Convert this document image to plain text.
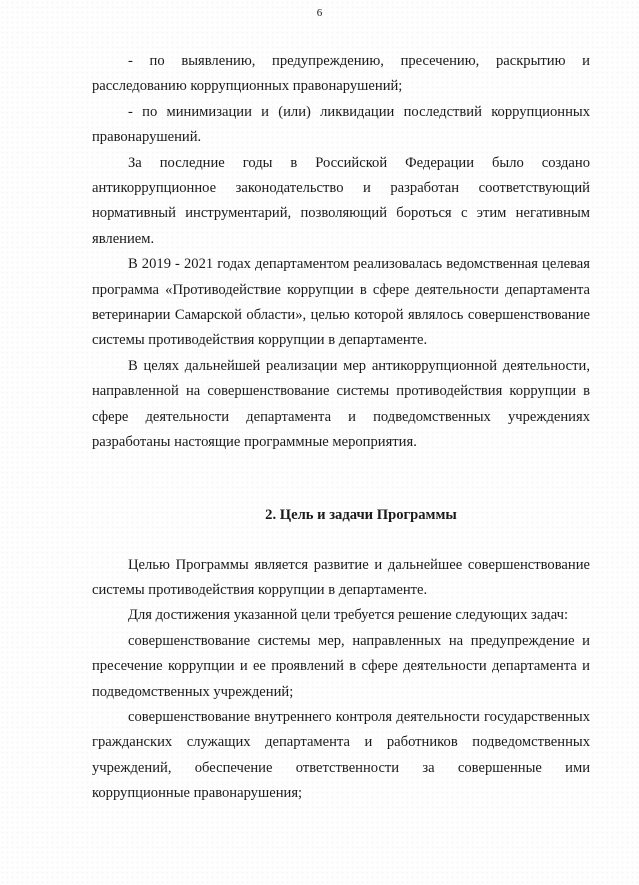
6

- по выявлению, предупреждению, пресечению, раскрытию и расследованию коррупционных правонарушений;

- по минимизации и (или) ликвидации последствий коррупционных правонарушений.

За последние годы в Российской Федерации было создано антикоррупционное законодательство и разработан соответствующий нормативный инструментарий, позволяющий бороться с этим негативным явлением.

В 2019 - 2021 годах департаментом реализовалась ведомственная целевая программа «Противодействие коррупции в сфере деятельности департамента ветеринарии Самарской области», целью которой являлось совершенствование системы противодействия коррупции в департаменте.

В целях дальнейшей реализации мер антикоррупционной деятельности, направленной на совершенствование системы противодействия коррупции в сфере деятельности департамента и подведомственных учреждениях разработаны настоящие программные мероприятия.

2. Цель и задачи Программы

Целью Программы является развитие и дальнейшее совершенствование системы противодействия коррупции в департаменте.

Для достижения указанной цели требуется решение следующих задач:

совершенствование системы мер, направленных на предупреждение и пресечение коррупции и ее проявлений в сфере деятельности департамента и подведомственных учреждений;

совершенствование внутреннего контроля деятельности государственных гражданских служащих департамента и работников подведомственных учреждений, обеспечение ответственности за совершенные ими коррупционные правонарушения;
